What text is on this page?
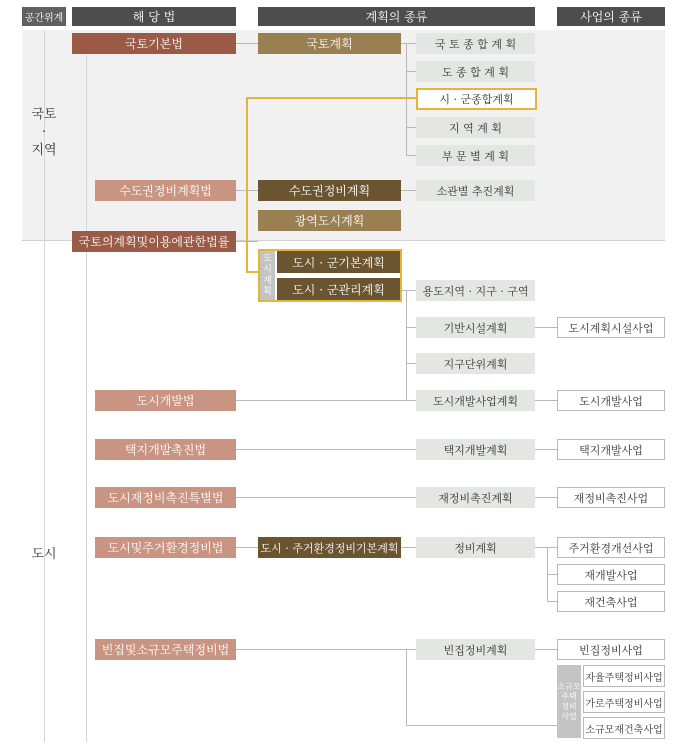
공간위계	해 당 법	계획의 종류	사업의 종류
국토
·
지역
도시
국토기본법
수도권정비계획법
국토의계획및이용에관한법률
도시개발법
택지개발촉진법
도시재정비촉진특별법
도시및주거환경정비법
빈집및소규모주택정비법
국토계획
수도권정비계획
광역도시계획
도
시
계
획
도시 · 군기본계획
도시 · 군관리계획
도시 · 주거환경정비기본계획
국 토 종 합 계 획
도 종 합 계 획
시 · 군종합계획
지 역 계 획
부 문 별 계 획
소관별 추진계획
용도지역 · 지구 · 구역
기반시설계획
지구단위계획
도시개발사업계획
택지개발계획
재정비촉진계획
정비계획
빈집정비계획
도시계획시설사업
도시개발사업
택지개발사업
재정비촉진사업
주거환경개선사업
재개발사업
재건축사업
빈집정비사업
소규모
주택
정비
사업
자율주택정비사업
가로주택정비사업
소규모재건축사업
